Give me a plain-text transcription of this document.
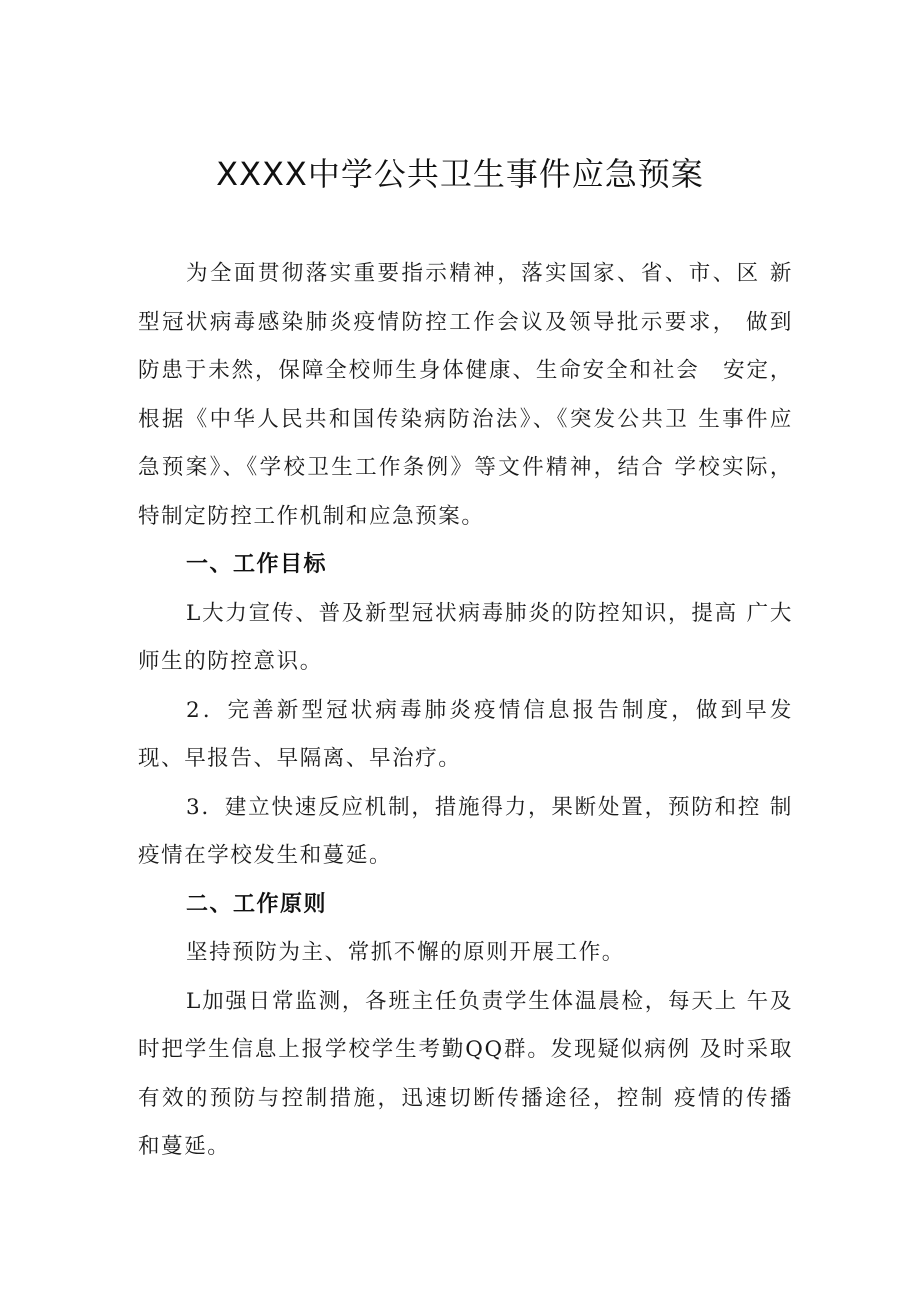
XXXX中学公共卫生事件应急预案

为全面贯彻落实重要指示精神，落实国家、省、市、区 新型冠状病毒感染肺炎疫情防控工作会议及领导批示要求， 做到防患于未然，保障全校师生身体健康、生命安全和社会　安定，根据《中华人民共和国传染病防治法》、《突发公共卫 生事件应急预案》、《学校卫生工作条例》等文件精神，结合 学校实际，特制定防控工作机制和应急预案。

一、工作目标

L大力宣传、普及新型冠状病毒肺炎的防控知识，提高 广大师生的防控意识。

2．完善新型冠状病毒肺炎疫情信息报告制度，做到早发 现、早报告、早隔离、早治疗。

3．建立快速反应机制，措施得力，果断处置，预防和控 制疫情在学校发生和蔓延。

二、工作原则

坚持预防为主、常抓不懈的原则开展工作。

L加强日常监测，各班主任负责学生体温晨检，每天上 午及时把学生信息上报学校学生考勤QQ群。发现疑似病例 及时采取有效的预防与控制措施，迅速切断传播途径，控制 疫情的传播和蔓延。
